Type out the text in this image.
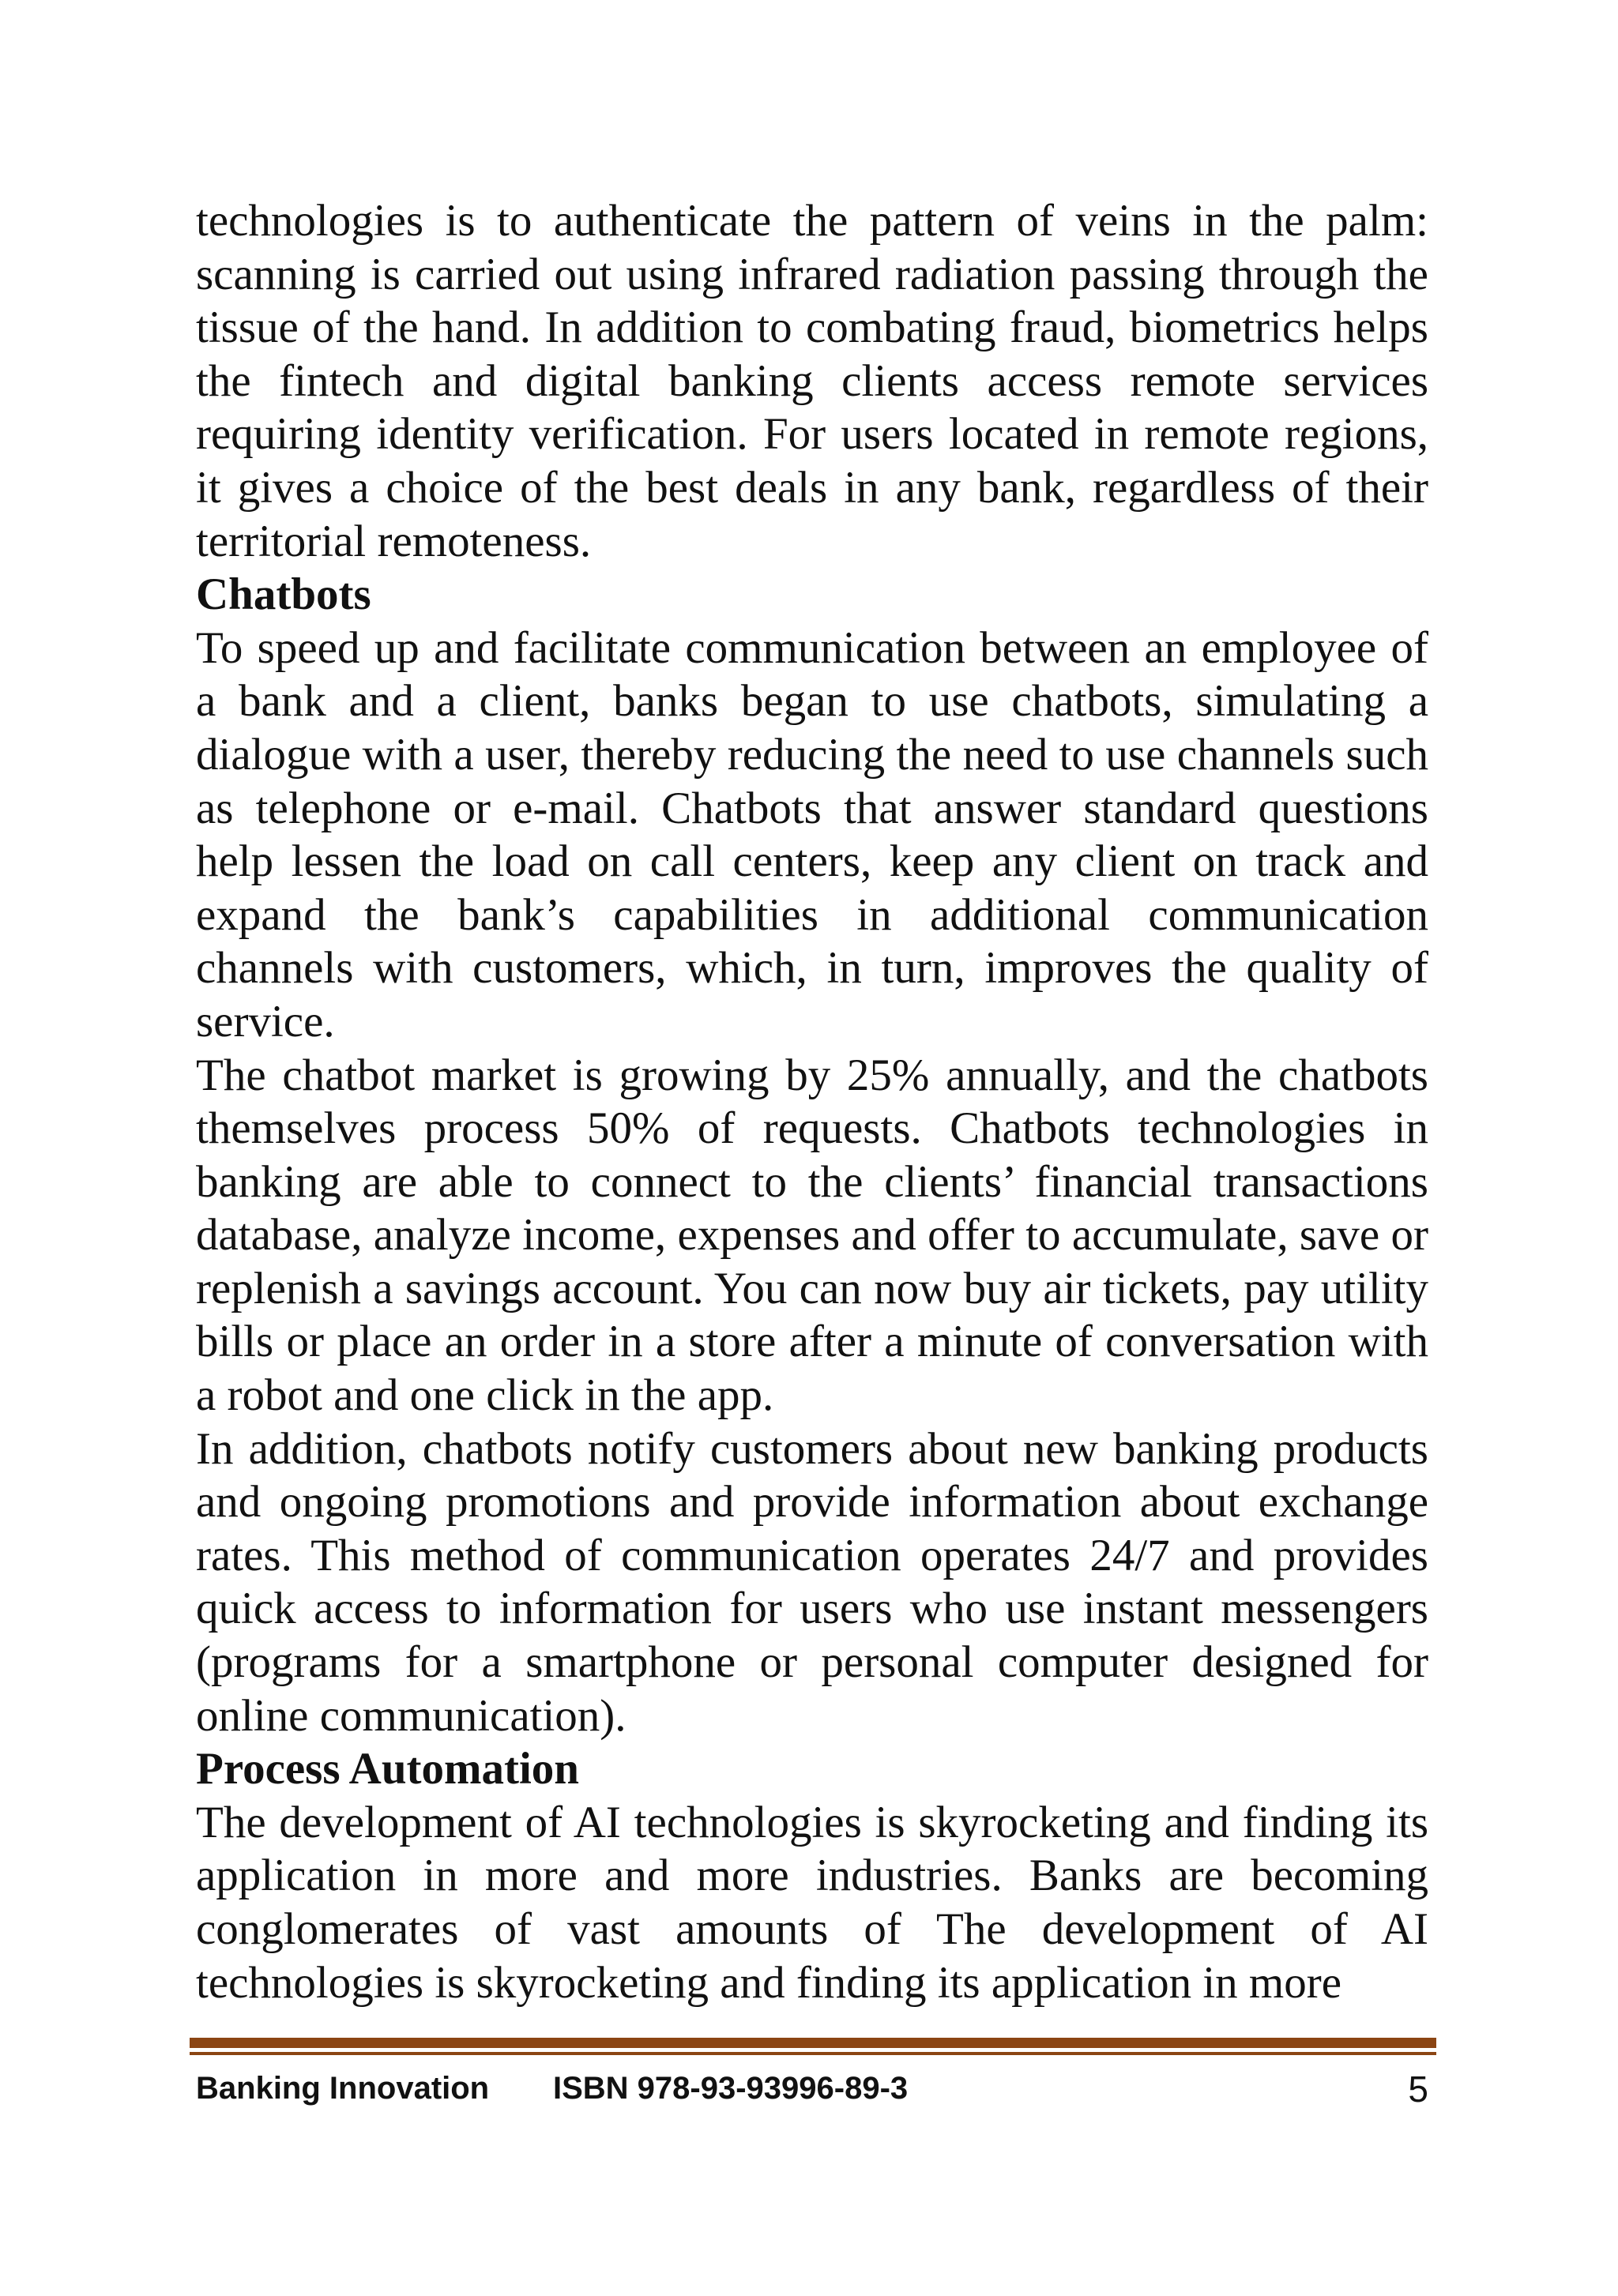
technologies is to authenticate the pattern of veins in the palm: scanning is carried out using infrared radiation passing through the tissue of the hand. In addition to combating fraud, biometrics helps the fintech and digital banking clients access remote services requiring identity verification. For users located in remote regions, it gives a choice of the best deals in any bank, regardless of their territorial remoteness.

Chatbots

To speed up and facilitate communication between an employee of a bank and a client, banks began to use chatbots, simulating a dialogue with a user, thereby reducing the need to use channels such as telephone or e-mail. Chatbots that answer standard questions help lessen the load on call centers, keep any client on track and expand the bank’s capabilities in additional communication channels with customers, which, in turn, improves the quality of service.

The chatbot market is growing by 25% annually, and the chatbots themselves process 50% of requests. Chatbots technologies in banking are able to connect to the clients’ financial transactions database, analyze income, expenses and offer to accumulate, save or replenish a savings account. You can now buy air tickets, pay utility bills or place an order in a store after a minute of conversation with a robot and one click in the app.

In addition, chatbots notify customers about new banking products and ongoing promotions and provide information about exchange rates. This method of communication operates 24/7 and provides quick access to information for users who use instant messengers (programs for a smartphone or personal computer designed for online communication).

Process Automation

The development of AI technologies is skyrocketing and finding its application in more and more industries. Banks are becoming conglomerates of vast amounts of The development of AI technologies is skyrocketing and finding its application in more

Banking Innovation ISBN 978-93-93996-89-3	5
